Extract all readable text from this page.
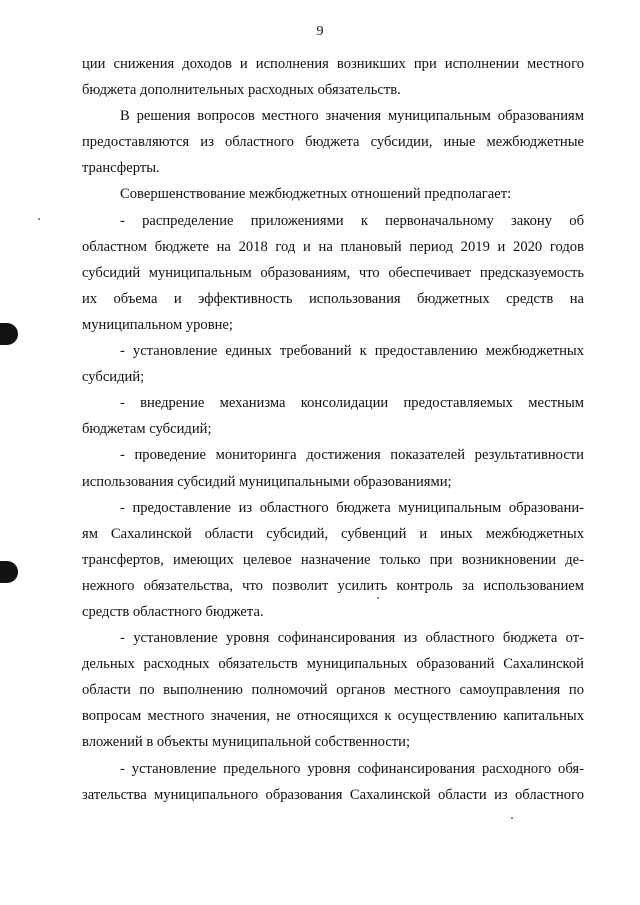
9

ции снижения доходов и исполнения возникших при исполнении местного

бюджета дополнительных расходных обязательств.

В решения вопросов местного значения муниципальным образованиям

предоставляются из областного бюджета субсидии, иные межбюджетные

трансферты.

Совершенствование межбюджетных отношений предполагает:

- распределение приложениями к первоначальному закону об

областном бюджете на 2018 год и на плановый период 2019 и 2020 годов

субсидий муниципальным образованиям, что обеспечивает предсказуемость

их объема и эффективность использования бюджетных средств на

муниципальном уровне;

- установление единых требований к предоставлению межбюджетных

субсидий;

- внедрение механизма консолидации предоставляемых местным

бюджетам субсидий;

- проведение мониторинга достижения показателей результативности

использования субсидий муниципальными образованиями;

- предоставление из областного бюджета муниципальным образовани-

ям Сахалинской области субсидий, субвенций и иных межбюджетных

трансфертов, имеющих целевое назначение только при возникновении де-

нежного обязательства, что позволит усилить контроль за использованием

средств областного бюджета.

- установление уровня софинансирования из областного бюджета от-

дельных расходных обязательств муниципальных образований Сахалинской

области по выполнению полномочий органов местного самоуправления по

вопросам местного значения, не относящихся к осуществлению капитальных

вложений в объекты муниципальной собственности;

- установление предельного уровня софинансирования расходного обя-

зательства муниципального образования Сахалинской области из областного
